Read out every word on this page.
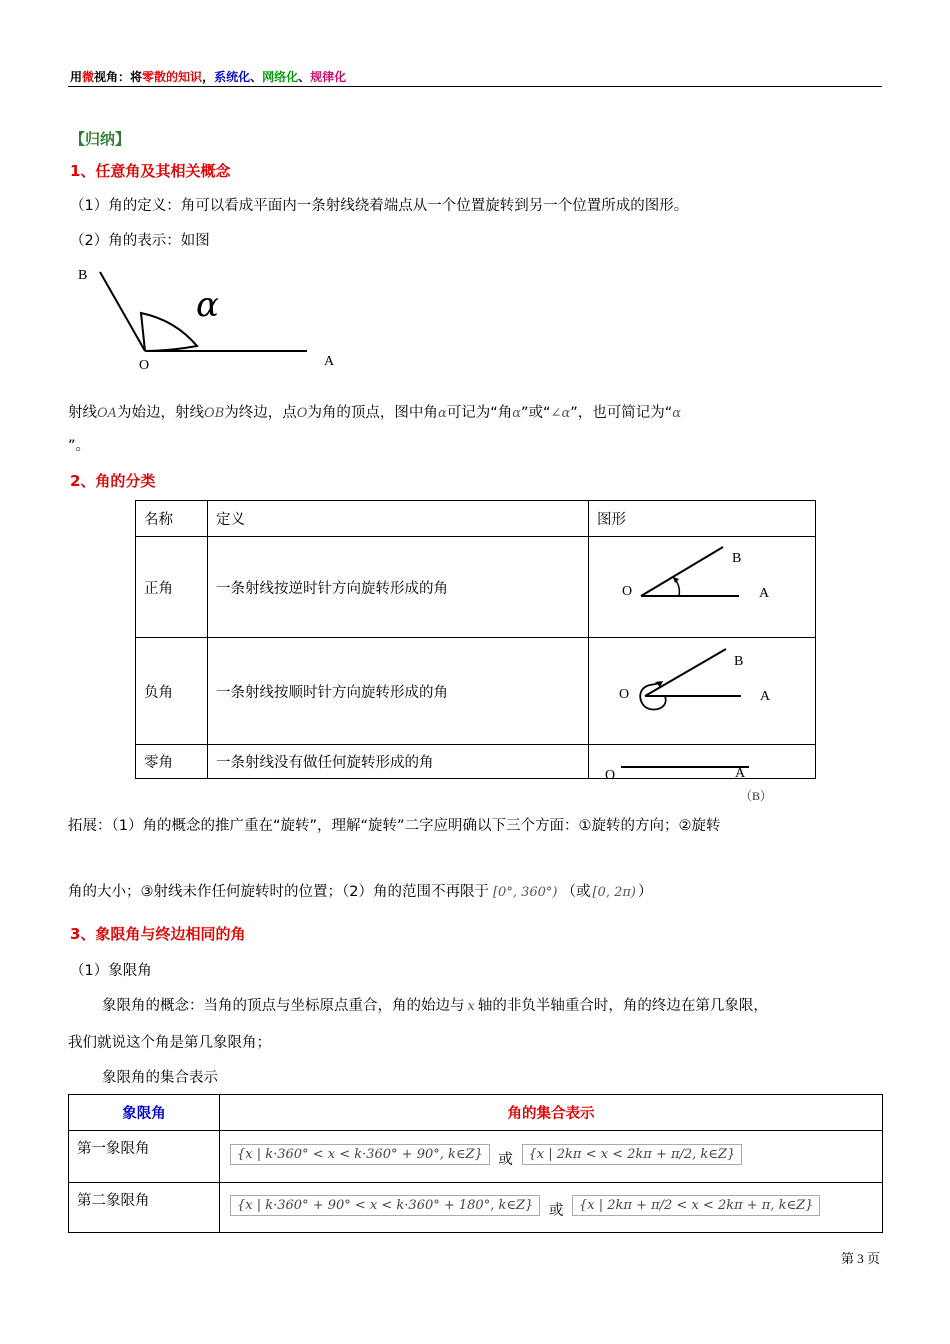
用微视角：将零散的知识，系统化、网络化、规律化
【归纳】
1、任意角及其相关概念
（1）角的定义：角可以看成平面内一条射线绕着端点从一个位置旋转到另一个位置所成的图形。
（2）角的表示：如图
B
O	A
α
射线OA为始边，射线OB为终边，点O为角的顶点，图中角α可记为“角α”或“∠α”，也可简记为“α
”。
2、角的分类
名称	定义	图形
正角	一条射线按逆时针方向旋转形成的角	O A
B

负角	一条射线按顺时针方向旋转形成的角	O A
B

零角	一条射线没有做任何旋转形成的角	
O	A
（B）
拓展：（1）角的概念的推广重在“旋转”，理解“旋转”二字应明确以下三个方面：①旋转的方向；②旋转
角的大小；③射线未作任何旋转时的位置；（2）角的范围不再限于 [0°, 360°) （或 [0, 2π) ）
3、象限角与终边相同的角
（1）象限角
象限角的概念：当角的顶点与坐标原点重合，角的始边与 x 轴的非负半轴重合时，角的终边在第几象限，
我们就说这个角是第几象限角；
象限角的集合表示
象限角	角的集合表示
第一象限角	{x | k·360° < x < k·360° + 90°, k∈Z} 或 {x | 2kπ < x < 2kπ + π/2, k∈Z}
第二象限角	{x | k·360° + 90° < x < k·360° + 180°, k∈Z} 或 {x | 2kπ + π/2 < x < 2kπ + π, k∈Z}
第 3 页
